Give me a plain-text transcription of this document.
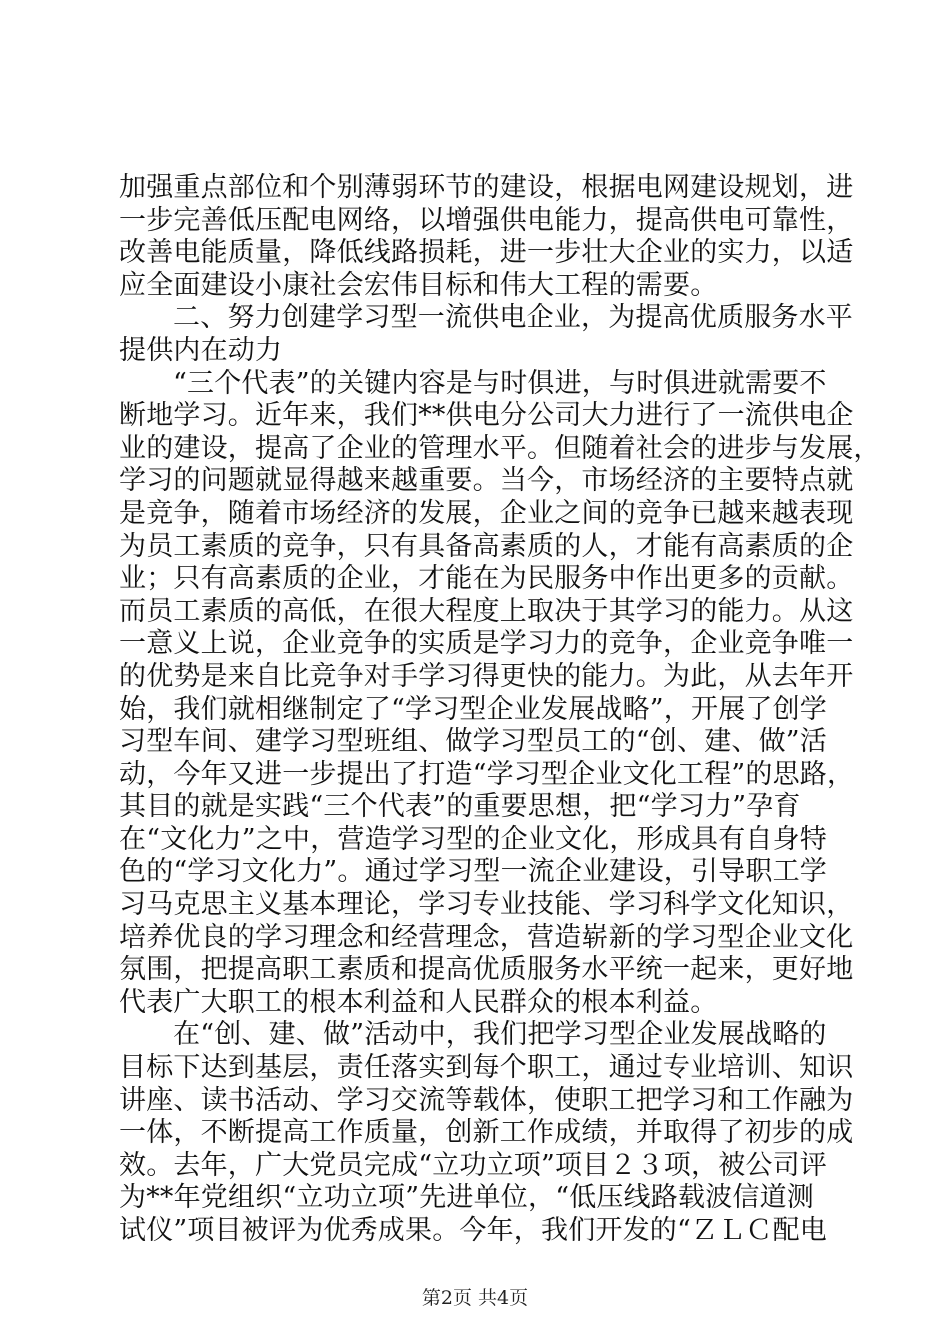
加强重点部位和个别薄弱环节的建设，根据电网建设规划，进
一步完善低压配电网络，以增强供电能力，提高供电可靠性，
改善电能质量，降低线路损耗，进一步壮大企业的实力，以适
应全面建设小康社会宏伟目标和伟大工程的需要。
二、努力创建学习型一流供电企业，为提高优质服务水平
提供内在动力
“三个代表”的关键内容是与时俱进，与时俱进就需要不
断地学习。近年来，我们**供电分公司大力进行了一流供电企
业的建设，提高了企业的管理水平。但随着社会的进步与发展，
学习的问题就显得越来越重要。当今，市场经济的主要特点就
是竞争，随着市场经济的发展，企业之间的竞争已越来越表现
为员工素质的竞争，只有具备高素质的人，才能有高素质的企
业；只有高素质的企业，才能在为民服务中作出更多的贡献。
而员工素质的高低，在很大程度上取决于其学习的能力。从这
一意义上说，企业竞争的实质是学习力的竞争，企业竞争唯一
的优势是来自比竞争对手学习得更快的能力。为此，从去年开
始，我们就相继制定了“学习型企业发展战略”，开展了创学
习型车间、建学习型班组、做学习型员工的“创、建、做”活
动，今年又进一步提出了打造“学习型企业文化工程”的思路，
其目的就是实践“三个代表”的重要思想，把“学习力”孕育
在“文化力”之中，营造学习型的企业文化，形成具有自身特
色的“学习文化力”。通过学习型一流企业建设，引导职工学
习马克思主义基本理论，学习专业技能、学习科学文化知识，
培养优良的学习理念和经营理念，营造崭新的学习型企业文化
氛围，把提高职工素质和提高优质服务水平统一起来，更好地
代表广大职工的根本利益和人民群众的根本利益。
在“创、建、做”活动中，我们把学习型企业发展战略的
目标下达到基层，责任落实到每个职工，通过专业培训、知识
讲座、读书活动、学习交流等载体，使职工把学习和工作融为
一体，不断提高工作质量，创新工作成绩，并取得了初步的成
效。去年，广大党员完成“立功立项”项目２３项，被公司评
为**年党组织“立功立项”先进单位，“低压线路载波信道测
试仪”项目被评为优秀成果。今年，我们开发的“ＺＬＣ配电
第2页 共4页
